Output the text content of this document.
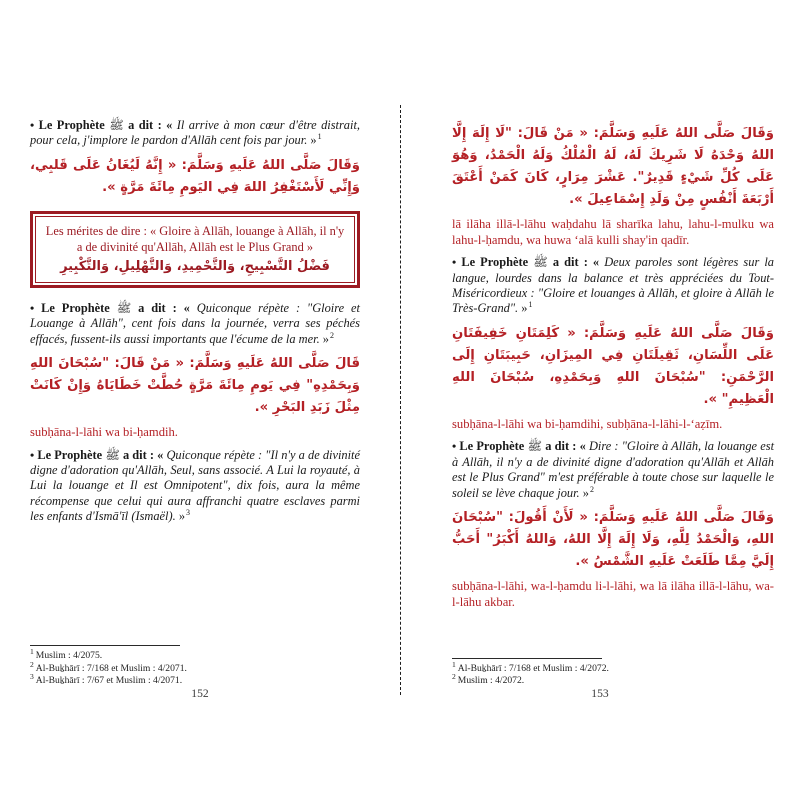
• Le Prophète ﷺ a dit : « Il arrive à mon cœur d'être distrait, pour cela, j'implore le pardon d'Allāh cent fois par jour. »$^1$

وَقَالَ صَلَّى اللهُ عَلَيهِ وَسَلَّمَ: « إِنَّهُ لَيُغَانُ عَلَى قَلبِي، وَإِنِّي لَأَسْتَغْفِرُ اللهَ فِي اليَومِ مِائَةَ مَرَّةٍ ».

Les mérites de dire : « Gloire à Allāh, louange à Allāh, il n'y a de divinité qu'Allāh, Allāh est le Plus Grand »

فَضْلُ التَّسْبِيحِ، وَالتَّحْمِيدِ، وَالتَّهْلِيلِ، وَالتَّكْبِيرِ

• Le Prophète ﷺ a dit : « Quiconque répète : "Gloire et Louange à Allāh", cent fois dans la journée, verra ses péchés effacés, fussent-ils aussi importants que l'écume de la mer. »$^2$

قَالَ صَلَّى اللهُ عَلَيهِ وَسَلَّمَ: « مَنْ قَالَ: "سُبْحَانَ اللهِ وَبِحَمْدِهِ" فِي يَومِ مِائَةَ مَرَّةٍ حُطَّتْ خَطَايَاهُ وَإِنْ كَانَتْ مِثْلَ زَبَدِ البَحْرِ ».

subḥāna-l-lāhi wa bi-ḥamdih.

• Le Prophète ﷺ a dit : « Quiconque répète : "Il n'y a de divinité digne d'adoration qu'Allāh, Seul, sans associé. A Lui la royauté, à Lui la louange et Il est Omnipotent", dix fois, aura la même récompense que celui qui aura affranchi quatre esclaves parmi les enfants d'Ismā'īl (Ismaël). »$^3$

$^1$ Muslim : 4/2075.

$^2$ Al-Buḵhārī : 7/168 et Muslim : 4/2071.

$^3$ Al-Buḵhārī : 7/67 et Muslim : 4/2071.

152

وَقَالَ صَلَّى اللهُ عَلَيهِ وَسَلَّمَ: « مَنْ قَالَ: "لَا إِلَهَ إِلَّا اللهُ وَحْدَهُ لَا شَرِيكَ لَهُ، لَهُ الْمُلْكُ وَلَهُ الْحَمْدُ، وَهُوَ عَلَى كُلِّ شَيْءٍ قَدِيرٌ". عَشْرَ مِرَارٍ، كَانَ كَمَنْ أَعْتَقَ أَرْبَعَةَ أَنْفُسٍ مِنْ وَلَدِ إِسْمَاعِيلَ ».

lā ilāha illā-l-lāhu waḥdahu lā sharīka lahu, lahu-l-mulku wa lahu-l-ḥamdu, wa huwa ‘alā kulli shay'in qadīr.

• Le Prophète ﷺ a dit : « Deux paroles sont légères sur la langue, lourdes dans la balance et très appréciées du Tout-Miséricordieux : "Gloire et louanges à Allāh, et gloire à Allāh le Très-Grand". »$^1$

وَقَالَ صَلَّى اللهُ عَلَيهِ وَسَلَّمَ: « كَلِمَتَانِ خَفِيفَتَانِ عَلَى اللِّسَانِ، ثَقِيلَتَانِ فِي المِيزَانِ، حَبِيبَتَانِ إِلَى الرَّحْمَنِ: "سُبْحَانَ اللهِ وَبِحَمْدِهِ، سُبْحَانَ اللهِ الْعَظِيمِ" ».

subḥāna-l-lāhi wa bi-ḥamdihi, subḥāna-l-lāhi-l-‘aẓīm.

• Le Prophète ﷺ a dit : « Dire : "Gloire à Allāh, la louange est à Allāh, il n'y a de divinité digne d'adoration qu'Allāh et Allāh est le Plus Grand" m'est préférable à toute chose sur laquelle le soleil se lève chaque jour. »$^2$

وَقَالَ صَلَّى اللهُ عَلَيهِ وَسَلَّمَ: « لَأَنْ أَقُولَ: "سُبْحَانَ اللهِ، وَالْحَمْدُ لِلَّهِ، وَلَا إِلَهَ إِلَّا اللهُ، وَاللهُ أَكْبَرُ" أَحَبُّ إِلَيَّ مِمَّا طَلَعَتْ عَلَيهِ الشَّمْسُ ».

subḥāna-l-lāhi, wa-l-ḥamdu li-l-lāhi, wa lā ilāha illā-l-lāhu, wa-l-lāhu akbar.

$^1$ Al-Buḵhārī : 7/168 et Muslim : 4/2072.

$^2$ Muslim : 4/2072.

153
